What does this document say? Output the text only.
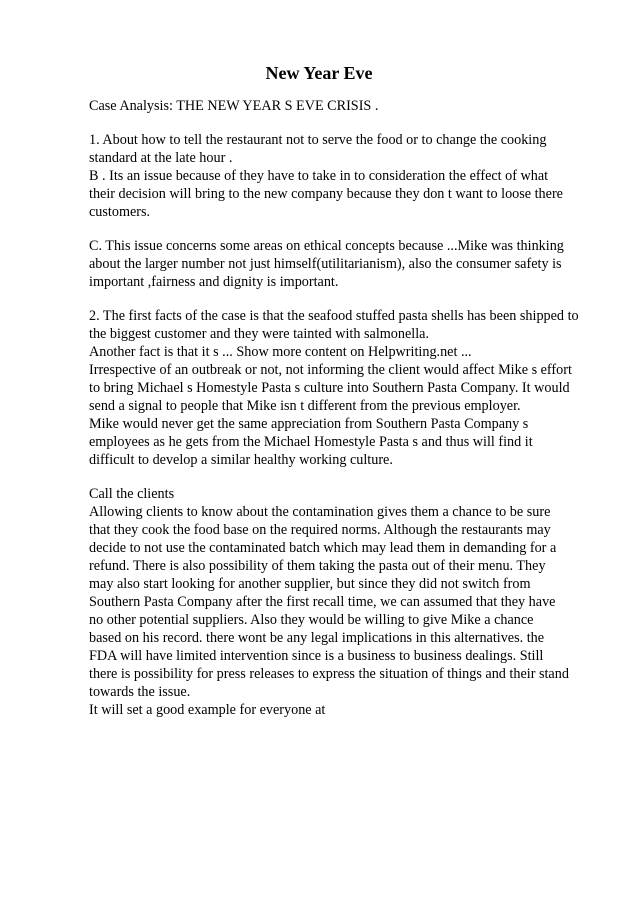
New Year Eve

Case Analysis: THE NEW YEAR S EVE CRISIS .

1. About how to tell the restaurant not to serve the food or to change the cooking

standard at the late hour .

B . Its an issue because of they have to take in to consideration the effect of what

their decision will bring to the new company because they don t want to loose there

customers.

C. This issue concerns some areas on ethical concepts because ...Mike was thinking

about the larger number not just himself(utilitarianism), also the consumer safety is

important ,fairness and dignity is important.

2. The first facts of the case is that the seafood stuffed pasta shells has been shipped to

the biggest customer and they were tainted with salmonella.

Another fact is that it s ... Show more content on Helpwriting.net ...

Irrespective of an outbreak or not, not informing the client would affect Mike s effort

to bring Michael s Homestyle Pasta s culture into Southern Pasta Company. It would

send a signal to people that Mike isn t different from the previous employer.

Mike would never get the same appreciation from Southern Pasta Company s

employees as he gets from the Michael Homestyle Pasta s and thus will find it

difficult to develop a similar healthy working culture.

Call the clients

Allowing clients to know about the contamination gives them a chance to be sure

that they cook the food base on the required norms. Although the restaurants may

decide to not use the contaminated batch which may lead them in demanding for a

refund. There is also possibility of them taking the pasta out of their menu. They

may also start looking for another supplier, but since they did not switch from

Southern Pasta Company after the first recall time, we can assumed that they have

no other potential suppliers. Also they would be willing to give Mike a chance

based on his record. there wont be any legal implications in this alternatives. the

FDA will have limited intervention since is a business to business dealings. Still

there is possibility for press releases to express the situation of things and their stand

towards the issue.

It will set a good example for everyone at
